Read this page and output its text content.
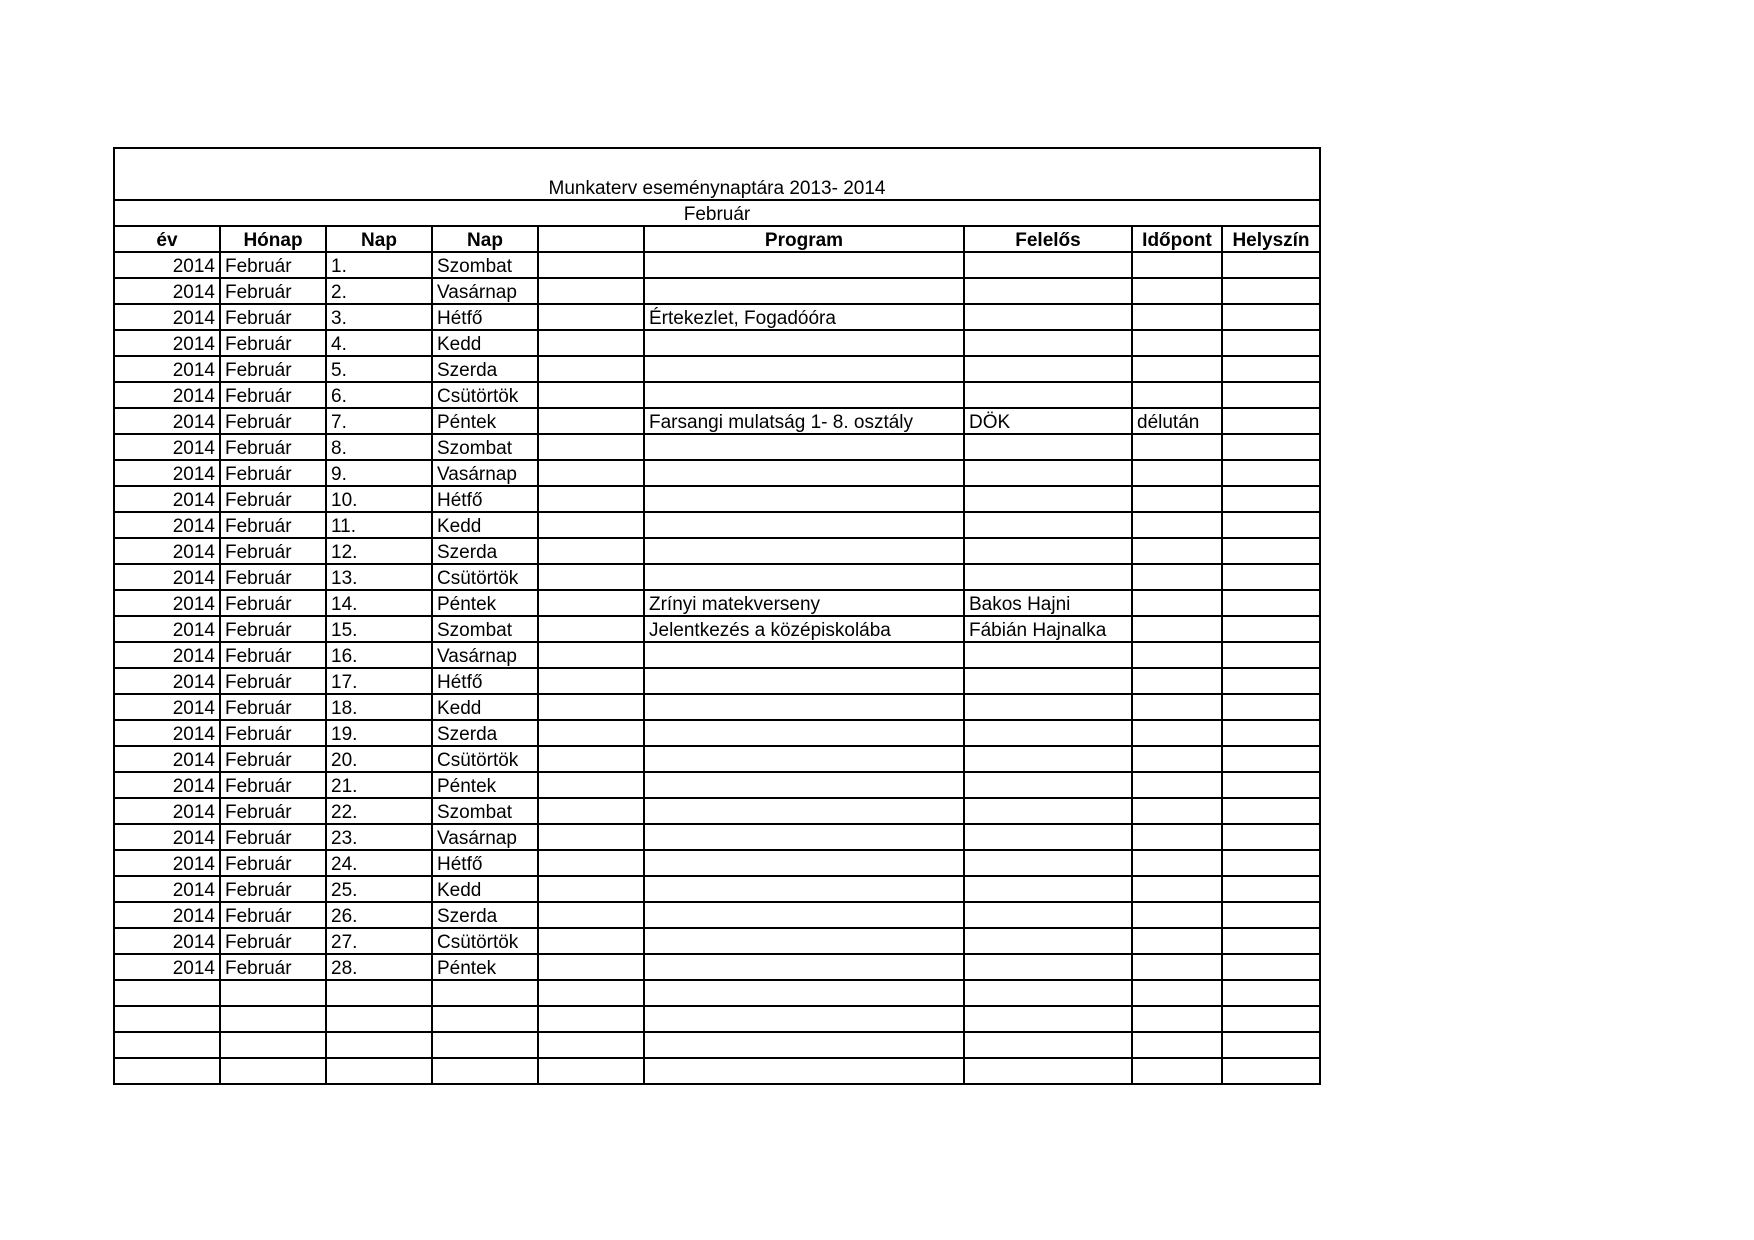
Munkaterv eseménynaptára 2013- 2014								
Február								
év	Hónap	Nap	Nap		Program	Felelős	Időpont	Helyszín
2014	Február	1.	Szombat					
2014	Február	2.	Vasárnap					
2014	Február	3.	Hétfő		Értekezlet, Fogadóóra			
2014	Február	4.	Kedd					
2014	Február	5.	Szerda					
2014	Február	6.	Csütörtök					
2014	Február	7.	Péntek		Farsangi mulatság 1- 8. osztály	DÖK	délután	
2014	Február	8.	Szombat					
2014	Február	9.	Vasárnap					
2014	Február	10.	Hétfő					
2014	Február	11.	Kedd					
2014	Február	12.	Szerda					
2014	Február	13.	Csütörtök					
2014	Február	14.	Péntek		Zrínyi matekverseny	Bakos Hajni		
2014	Február	15.	Szombat		Jelentkezés a középiskolába	Fábián Hajnalka		
2014	Február	16.	Vasárnap					
2014	Február	17.	Hétfő					
2014	Február	18.	Kedd					
2014	Február	19.	Szerda					
2014	Február	20.	Csütörtök					
2014	Február	21.	Péntek					
2014	Február	22.	Szombat					
2014	Február	23.	Vasárnap					
2014	Február	24.	Hétfő					
2014	Február	25.	Kedd					
2014	Február	26.	Szerda					
2014	Február	27.	Csütörtök					
2014	Február	28.	Péntek					
